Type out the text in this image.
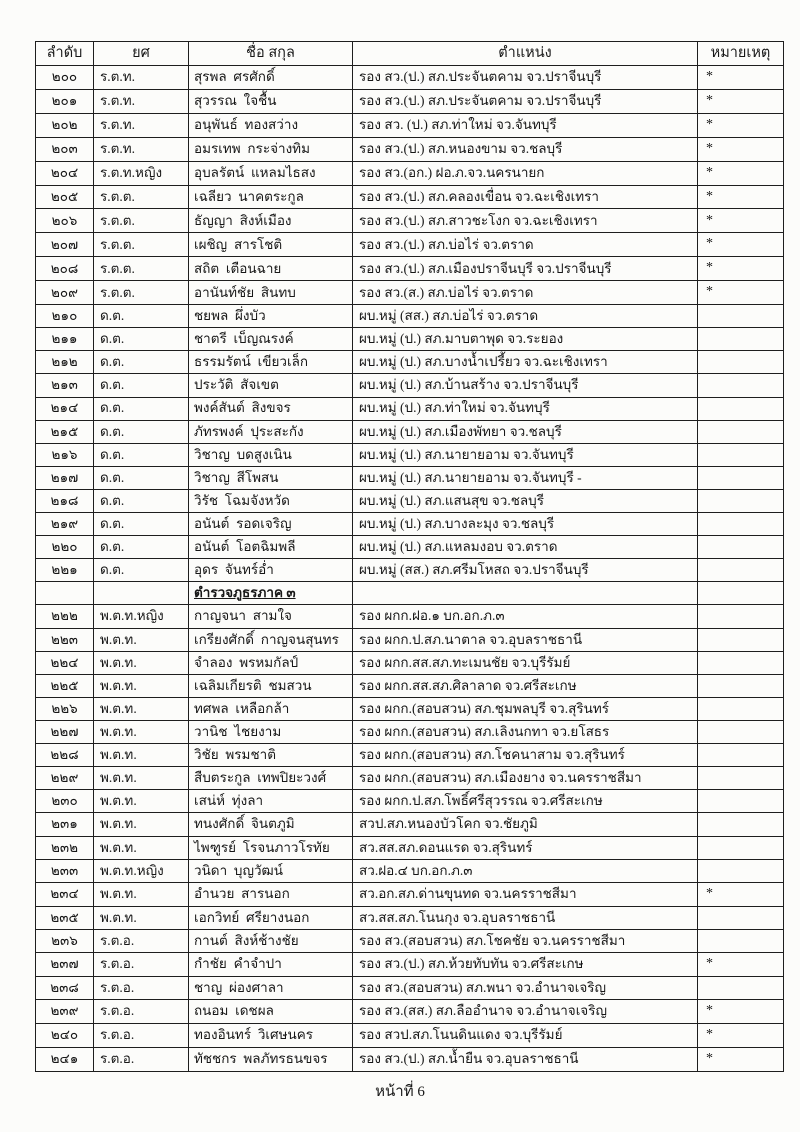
ลำดับ	ยศ	ชื่อ สกุล	ตำแหน่ง	หมายเหตุ
๒๐๐	ร.ต.ท.	สุรพล  ศรศักดิ์	รอง สว.(ป.) สภ.ประจันตคาม จว.ปราจีนบุรี	*
๒๐๑	ร.ต.ท.	สุวรรณ  ใจชื้น	รอง สว.(ป.) สภ.ประจันตคาม จว.ปราจีนบุรี	*
๒๐๒	ร.ต.ท.	อนุพันธ์  ทองสว่าง	รอง สว. (ป.) สภ.ท่าใหม่ จว.จันทบุรี	*
๒๐๓	ร.ต.ท.	อมรเทพ  กระจ่างทิม	รอง สว.(ป.) สภ.หนองขาม จว.ชลบุรี	*
๒๐๔	ร.ต.ท.หญิง	อุบลรัตน์  แหลมไธสง	รอง สว.(อก.) ฝอ.ภ.จว.นครนายก	*
๒๐๕	ร.ต.ต.	เฉลียว  นาคตระกูล	รอง สว.(ป.) สภ.คลองเขื่อน จว.ฉะเชิงเทรา	*
๒๐๖	ร.ต.ต.	ธัญญา  สิงห์เมือง	รอง สว.(ป.) สภ.สาวชะโงก จว.ฉะเชิงเทรา	*
๒๐๗	ร.ต.ต.	เผชิญ  สารโชติ	รอง สว.(ป.) สภ.บ่อไร่ จว.ตราด	*
๒๐๘	ร.ต.ต.	สถิต  เตือนฉาย	รอง สว.(ป.) สภ.เมืองปราจีนบุรี จว.ปราจีนบุรี	*
๒๐๙	ร.ต.ต.	อานันท์ชัย  สินทบ	รอง สว.(ส.) สภ.บ่อไร่ จว.ตราด	*
๒๑๐	ด.ต.	ชยพล  ผึ่งบัว	ผบ.หมู่ (สส.) สภ.บ่อไร่ จว.ตราด	
๒๑๑	ด.ต.	ชาตรี  เบ็ญณรงค์	ผบ.หมู่ (ป.) สภ.มาบตาพุด จว.ระยอง	
๒๑๒	ด.ต.	ธรรมรัตน์  เขียวเล็ก	ผบ.หมู่ (ป.) สภ.บางน้ำเปรี้ยว จว.ฉะเชิงเทรา	
๒๑๓	ด.ต.	ประวัติ  สัจเขต	ผบ.หมู่ (ป.) สภ.บ้านสร้าง จว.ปราจีนบุรี	
๒๑๔	ด.ต.	พงค์สันต์  สิงขจร	ผบ.หมู่ (ป.) สภ.ท่าใหม่ จว.จันทบุรี	
๒๑๕	ด.ต.	ภัทรพงค์  ปุระสะกัง	ผบ.หมู่ (ป.) สภ.เมืองพัทยา จว.ชลบุรี	
๒๑๖	ด.ต.	วิชาญ  บดสูงเนิน	ผบ.หมู่ (ป.) สภ.นายายอาม จว.จันทบุรี	
๒๑๗	ด.ต.	วิชาญ  สีโพสน	ผบ.หมู่ (ป.) สภ.นายายอาม จว.จันทบุรี -	
๒๑๘	ด.ต.	วิรัช  โฉมจังหวัด	ผบ.หมู่ (ป.) สภ.แสนสุข จว.ชลบุรี	
๒๑๙	ด.ต.	อนันต์  รอดเจริญ	ผบ.หมู่ (ป.) สภ.บางละมุง จว.ชลบุรี	
๒๒๐	ด.ต.	อนันต์  โอตฉิมพลี	ผบ.หมู่ (ป.) สภ.แหลมงอบ จว.ตราด	
๒๒๑	ด.ต.	อุดร  จันทร์อ่ำ	ผบ.หมู่ (สส.) สภ.ศรีมโหสถ จว.ปราจีนบุรี	
		ตำรวจภูธรภาค ๓		
๒๒๒	พ.ต.ท.หญิง	กาญจนา  สามใจ	รอง ผกก.ฝอ.๑ บก.อก.ภ.๓	
๒๒๓	พ.ต.ท.	เกรียงศักดิ์  กาญจนสุนทร	รอง ผกก.ป.สภ.นาตาล จว.อุบลราชธานี	
๒๒๔	พ.ต.ท.	จำลอง  พรหมกัลป์	รอง ผกก.สส.สภ.ทะเมนชัย จว.บุรีรัมย์	
๒๒๕	พ.ต.ท.	เฉลิมเกียรติ  ชมสวน	รอง ผกก.สส.สภ.ศิลาลาด จว.ศรีสะเกษ	
๒๒๖	พ.ต.ท.	ทศพล  เหลือกล้า	รอง ผกก.(สอบสวน) สภ.ชุมพลบุรี จว.สุรินทร์	
๒๒๗	พ.ต.ท.	วานิช  ไชยงาม	รอง ผกก.(สอบสวน) สภ.เลิงนกทา จว.ยโสธร	
๒๒๘	พ.ต.ท.	วิชัย  พรมชาติ	รอง ผกก.(สอบสวน) สภ.โชคนาสาม จว.สุรินทร์	
๒๒๙	พ.ต.ท.	สืบตระกูล  เทพปิยะวงศ์	รอง ผกก.(สอบสวน) สภ.เมืองยาง จว.นครราชสีมา	
๒๓๐	พ.ต.ท.	เสน่ห์  ทุ่งลา	รอง ผกก.ป.สภ.โพธิ์ศรีสุวรรณ จว.ศรีสะเกษ	
๒๓๑	พ.ต.ท.	ทนงศักดิ์  จินตภูมิ	สวป.สภ.หนองบัวโคก จว.ชัยภูมิ	
๒๓๒	พ.ต.ท.	ไพฑูรย์  โรจนภาวโรทัย	สว.สส.สภ.ดอนแรด จว.สุรินทร์	
๒๓๓	พ.ต.ท.หญิง	วนิดา  บุญวัฒน์	สว.ฝอ.๔ บก.อก.ภ.๓	
๒๓๔	พ.ต.ท.	อำนวย  สารนอก	สว.อก.สภ.ด่านขุนทด จว.นครราชสีมา	*
๒๓๕	พ.ต.ท.	เอกวิทย์  ศรียางนอก	สว.สส.สภ.โนนกุง จว.อุบลราชธานี	
๒๓๖	ร.ต.อ.	กานต์  สิงห์ช้างชัย	รอง สว.(สอบสวน) สภ.โชคชัย จว.นครราชสีมา	
๒๓๗	ร.ต.อ.	กำชัย  คำจำปา	รอง สว.(ป.) สภ.ห้วยทับทัน จว.ศรีสะเกษ	*
๒๓๘	ร.ต.อ.	ชาญ  ผ่องศาลา	รอง สว.(สอบสวน) สภ.พนา จว.อำนาจเจริญ	
๒๓๙	ร.ต.อ.	ถนอม  เดชผล	รอง สว.(สส.) สภ.ลืออำนาจ จว.อำนาจเจริญ	*
๒๔๐	ร.ต.อ.	ทองอินทร์  วิเศษนคร	รอง สวป.สภ.โนนดินแดง จว.บุรีรัมย์	*
๒๔๑	ร.ต.อ.	ทัชชกร  พลภัทรธนขจร	รอง สว.(ป.) สภ.น้ำยืน จว.อุบลราชธานี	*
หน้าที่ 6
